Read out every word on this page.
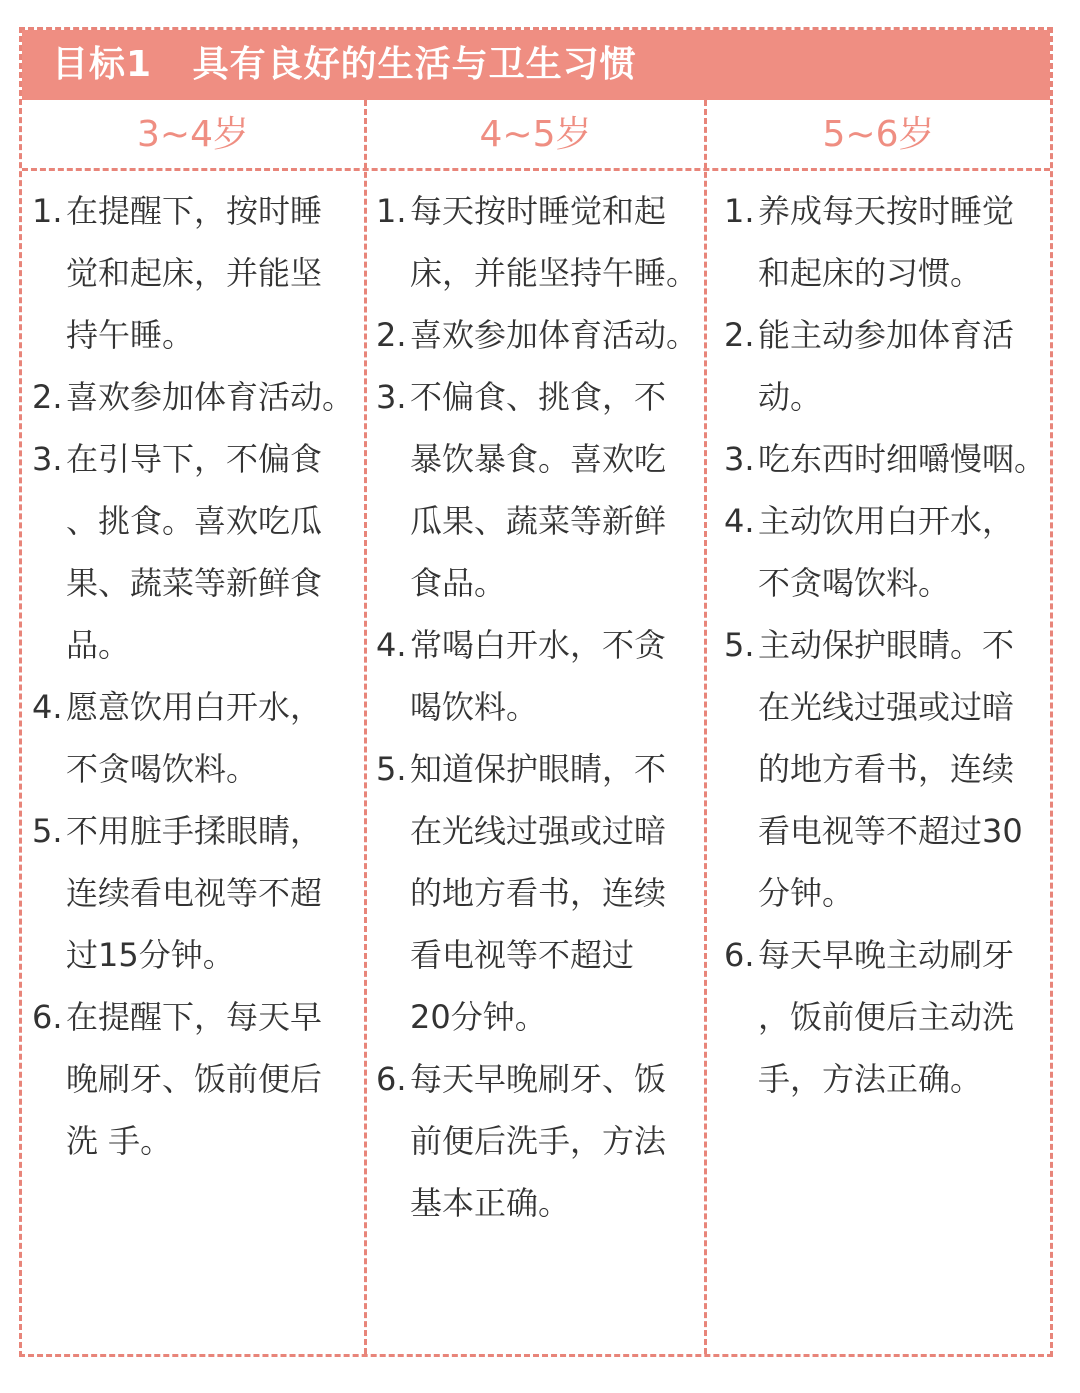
目标1   具有良好的生活与卫生习惯
3~4岁	4~5岁	5~6岁
1. 在提醒下，按时睡
觉和起床，并能坚
持午睡。
2. 喜欢参加体育活动。
3. 在引导下，不偏食
、挑食。喜欢吃瓜
果、蔬菜等新鲜食
品。
4. 愿意饮用白开水，
不贪喝饮料。
5. 不用脏手揉眼睛，
连续看电视等不超
过15分钟。
6. 在提醒下，每天早
晚刷牙、饭前便后
洗 手。
1. 每天按时睡觉和起
床，并能坚持午睡。
2. 喜欢参加体育活动。
3. 不偏食、挑食，不
暴饮暴食。喜欢吃
瓜果、蔬菜等新鲜
食品。
4. 常喝白开水，不贪
喝饮料。
5. 知道保护眼睛，不
在光线过强或过暗
的地方看书，连续
看电视等不超过
20分钟。
6. 每天早晚刷牙、饭
前便后洗手，方法
基本正确。
1. 养成每天按时睡觉
和起床的习惯。
2. 能主动参加体育活
动。
3. 吃东西时细嚼慢咽。
4. 主动饮用白开水，
不贪喝饮料。
5. 主动保护眼睛。不
在光线过强或过暗
的地方看书，连续
看电视等不超过30
分钟。
6. 每天早晚主动刷牙
，饭前便后主动洗
手，方法正确。
